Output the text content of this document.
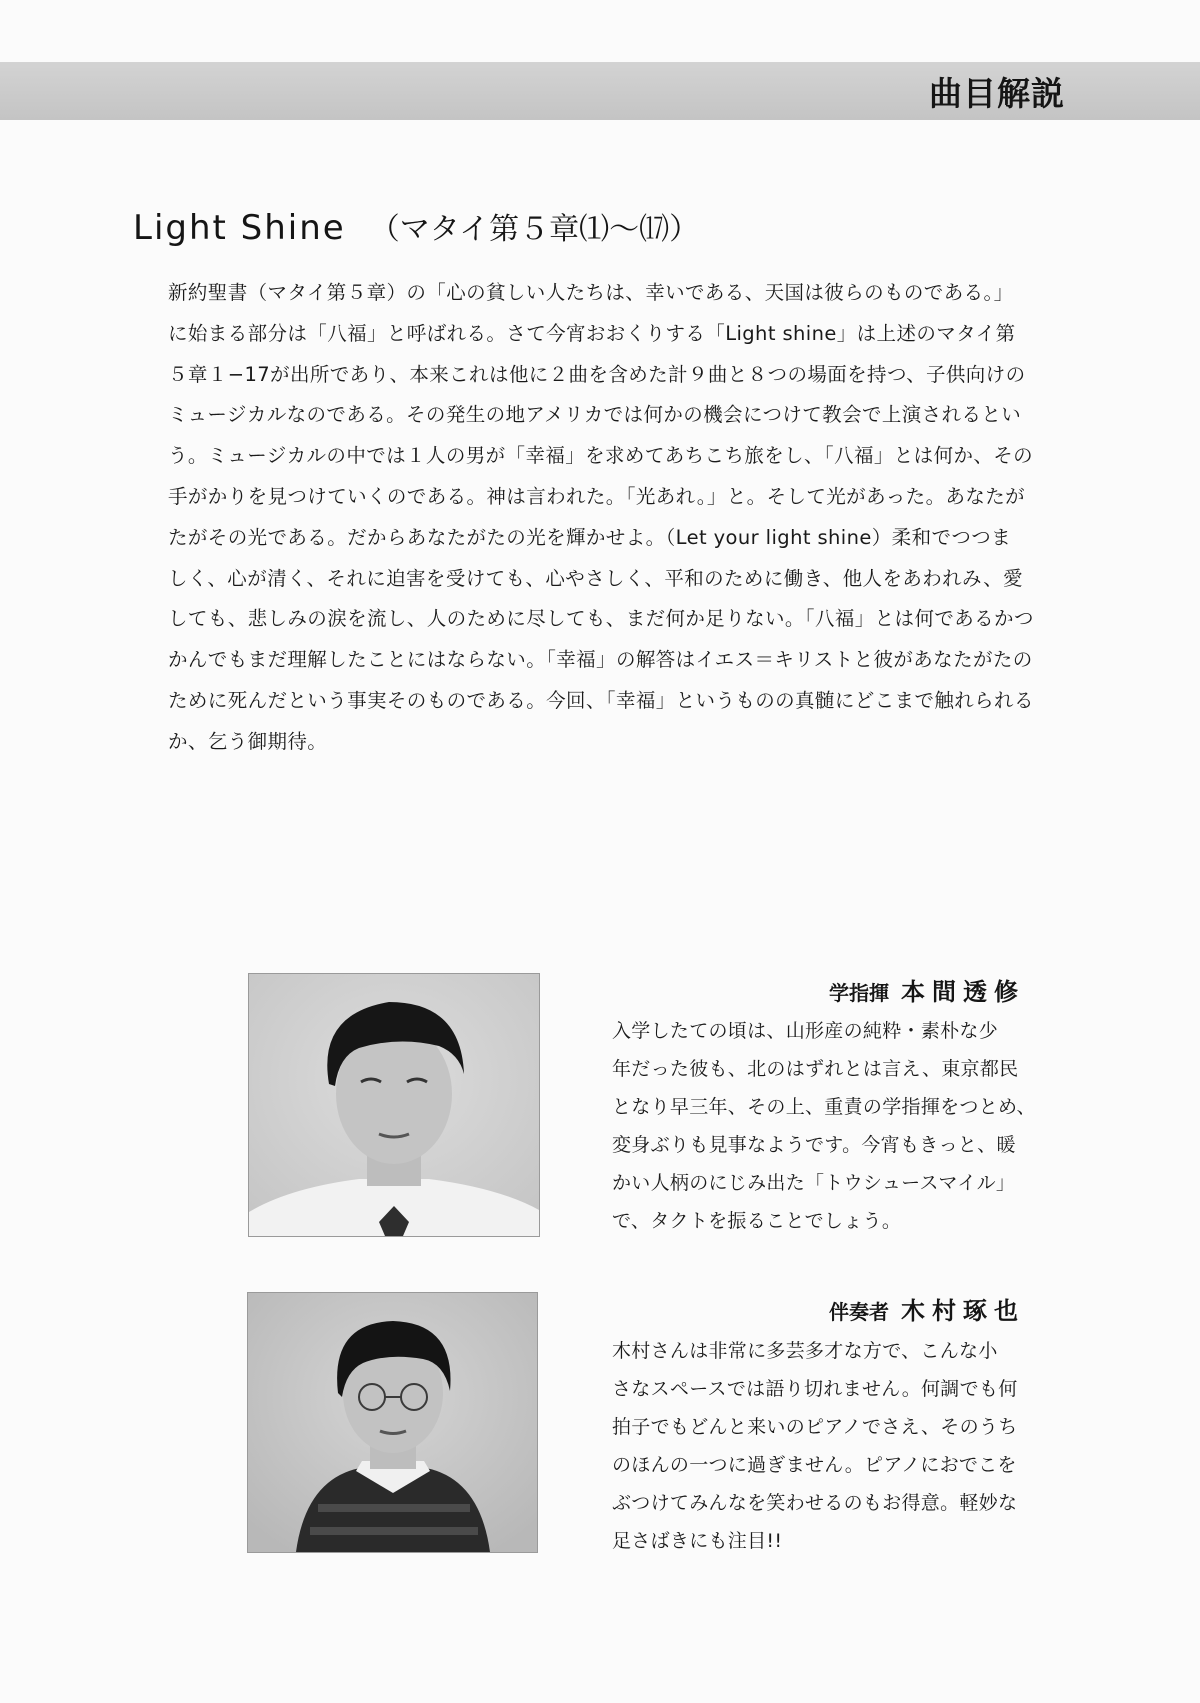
曲目解説
Light Shine （マタイ第５章⑴〜⒄）

新約聖書（マタイ第５章）の「心の貧しい人たちは、幸いである、天国は彼らのものである。」
に始まる部分は「八福」と呼ばれる。さて今宵おおくりする「Light shine」は上述のマタイ第
５章１−17が出所であり、本来これは他に２曲を含めた計９曲と８つの場面を持つ、子供向けの
ミュージカルなのである。その発生の地アメリカでは何かの機会につけて教会で上演されるとい
う。ミュージカルの中では１人の男が「幸福」を求めてあちこち旅をし、「八福」とは何か、その
手がかりを見つけていくのである。神は言われた。「光あれ。」と。そして光があった。あなたが
たがその光である。だからあなたがたの光を輝かせよ。（Let your light shine）柔和でつつま
しく、心が清く、それに迫害を受けても、心やさしく、平和のために働き、他人をあわれみ、愛
しても、悲しみの涙を流し、人のために尽しても、まだ何か足りない。「八福」とは何であるかつ
かんでもまだ理解したことにはならない。「幸福」の解答はイエス＝キリストと彼があなたがたの
ために死んだという事実そのものである。今回、「幸福」というものの真髄にどこまで触れられる
か、乞う御期待。

学指揮 本間透修

入学したての頃は、山形産の純粋・素朴な少
年だった彼も、北のはずれとは言え、東京都民
となり早三年、その上、重責の学指揮をつとめ、
変身ぶりも見事なようです。今宵もきっと、暖
かい人柄のにじみ出た「トウシュースマイル」
で、タクトを振ることでしょう。

伴奏者 木村琢也

木村さんは非常に多芸多才な方で、こんな小
さなスペースでは語り切れません。何調でも何
拍子でもどんと来いのピアノでさえ、そのうち
のほんの一つに過ぎません。ピアノにおでこを
ぶつけてみんなを笑わせるのもお得意。軽妙な
足さばきにも注目!!
